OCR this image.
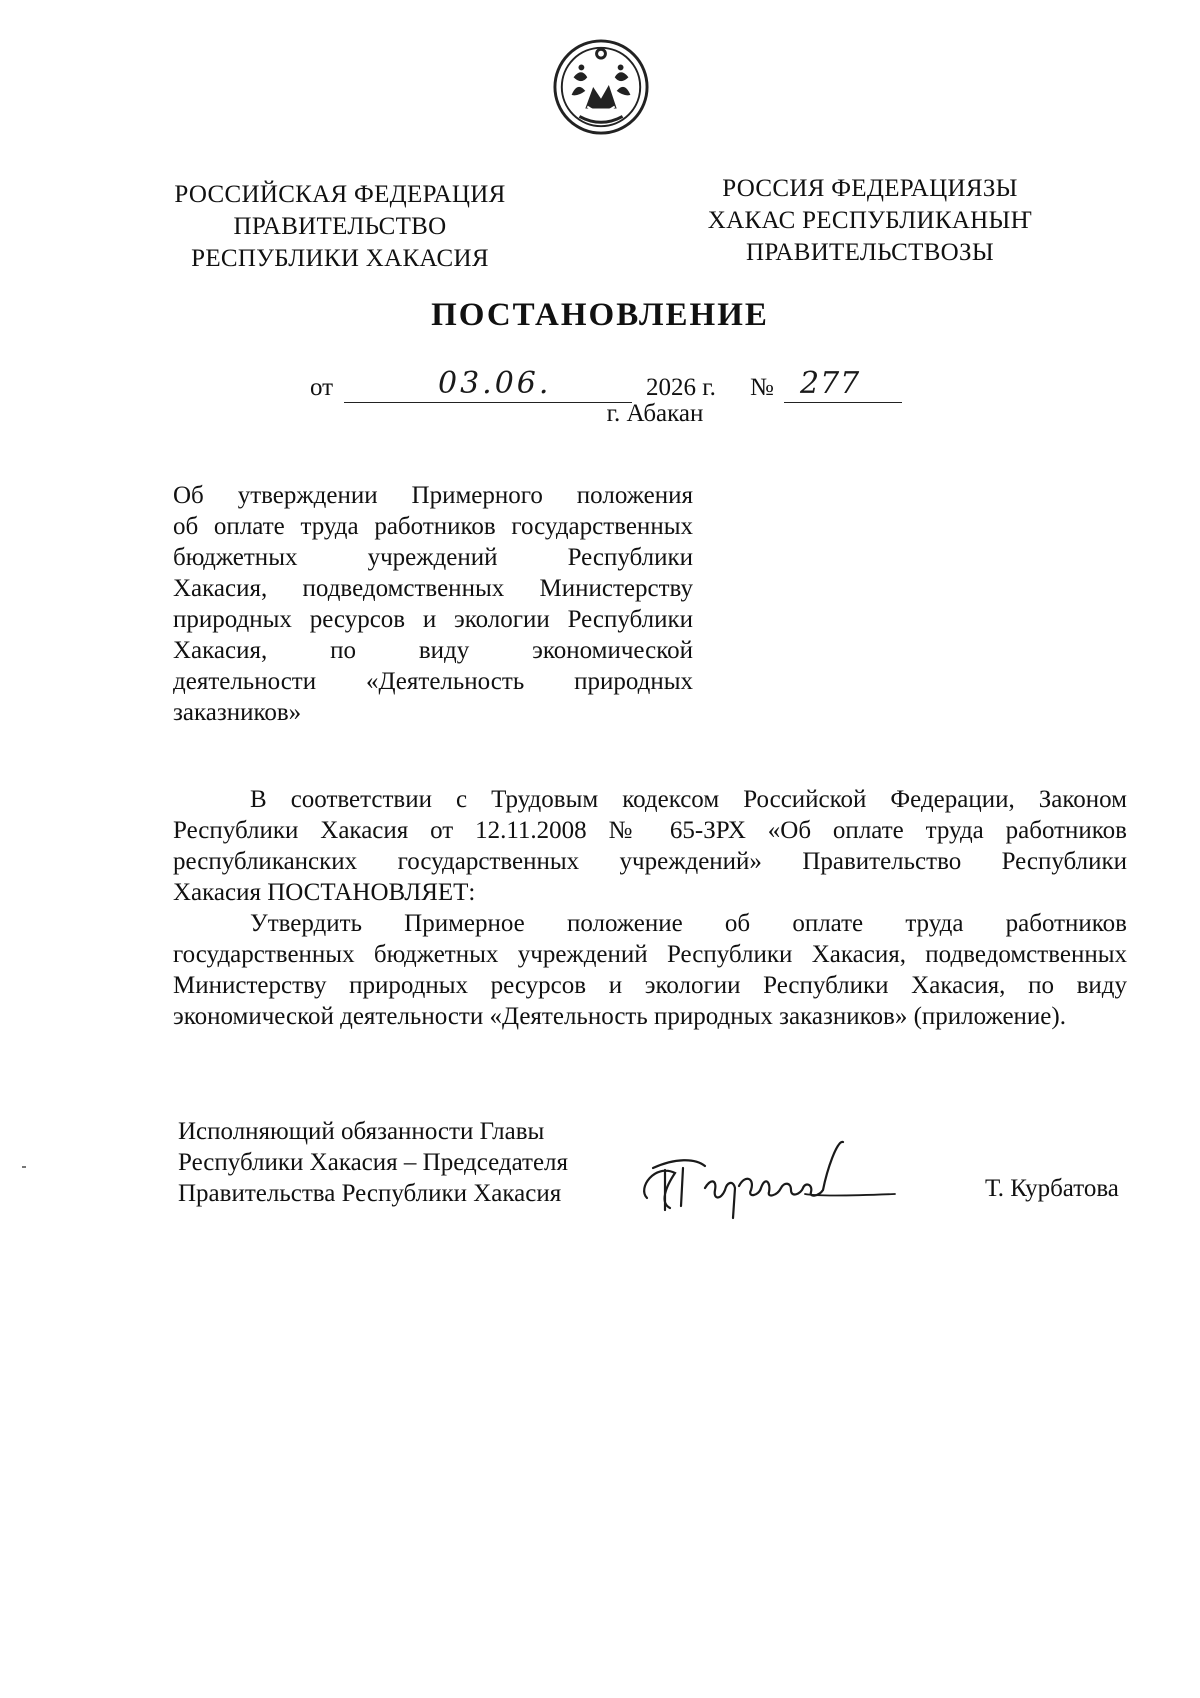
РОССИЙСКАЯ ФЕДЕРАЦИЯ
ПРАВИТЕЛЬСТВО
РЕСПУБЛИКИ ХАКАСИЯ
РОССИЯ ФЕДЕРАЦИЯЗЫ
ХАКАС РЕСПУБЛИКАНЫҤ
ПРАВИТЕЛЬСТВОЗЫ
ПОСТАНОВЛЕНИЕ
от	03.06.	2026 г. № 277
г. Абакан
Об утверждении Примерного положения
об оплате труда работников государственных
бюджетных учреждений Республики
Хакасия, подведомственных Министерству
природных ресурсов и экологии Республики
Хакасия, по виду экономической
деятельности «Деятельность природных
заказников»
В соответствии с Трудовым кодексом Российской Федерации, Законом
Республики Хакасия от 12.11.2008 № 65-ЗРХ «Об оплате труда работников
республиканских государственных учреждений» Правительство Республики
Хакасия ПОСТАНОВЛЯЕТ:
Утвердить Примерное положение об оплате труда работников
государственных бюджетных учреждений Республики Хакасия, подведомственных
Министерству природных ресурсов и экологии Республики Хакасия, по виду
экономической деятельности «Деятельность природных заказников» (приложение).
Исполняющий обязанности Главы
Республики Хакасия – Председателя
Правительства Республики Хакасия	Т. Курбатова
